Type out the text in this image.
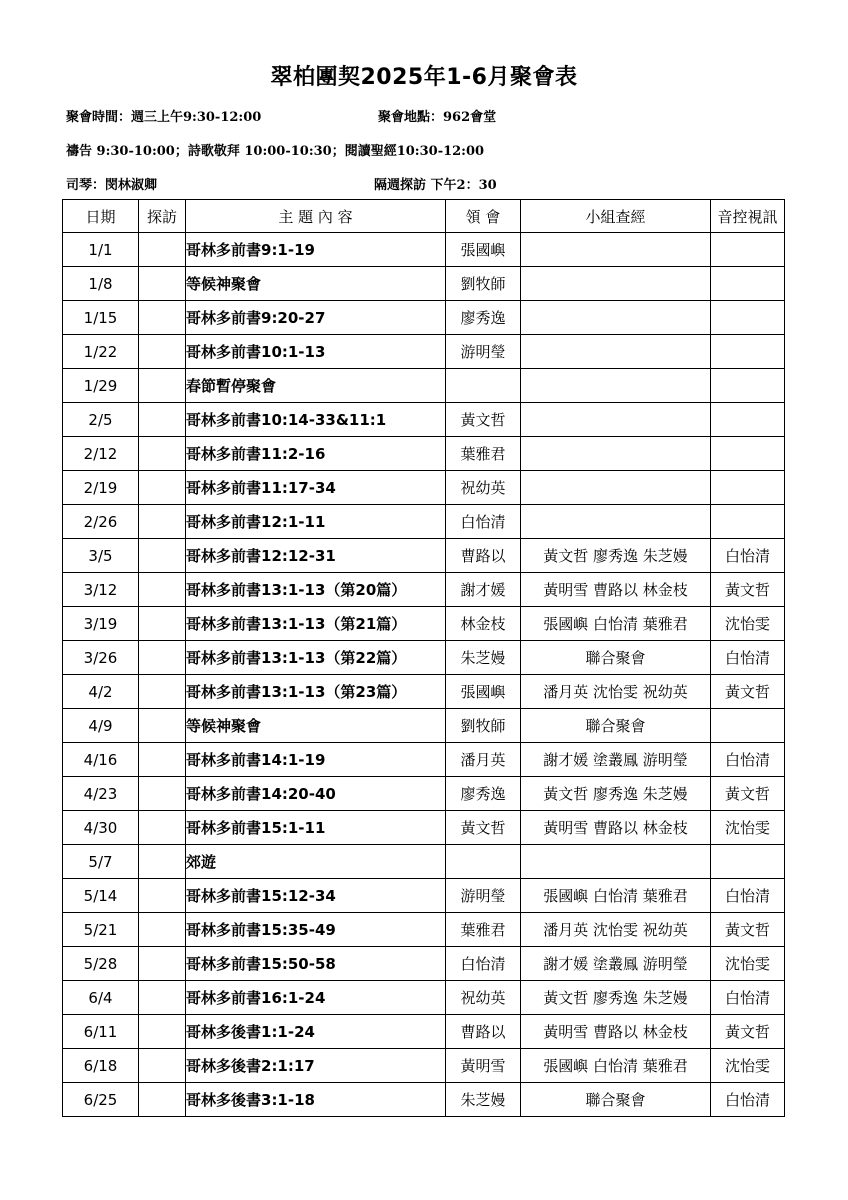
翠柏團契2025年1-6月聚會表
聚會時間：週三上午9:30-12:00	聚會地點：962會堂
禱告 9:30-10:00；詩歌敬拜 10:00-10:30；閱讀聖經10:30-12:00
司琴：閔林淑卿	隔週探訪 下午2：30
日期	探訪	主 題 內 容	領 會	小組查經	音控視訊
1/1		哥林多前書9:1-19	張國嶼		
1/8		等候神聚會	劉牧師		
1/15		哥林多前書9:20-27	廖秀逸		
1/22		哥林多前書10:1-13	游明瑩		
1/29		春節暫停聚會			
2/5		哥林多前書10:14-33&11:1	黃文哲		
2/12		哥林多前書11:2-16	葉雅君		
2/19		哥林多前書11:17-34	祝幼英		
2/26		哥林多前書12:1-11	白怡清		
3/5		哥林多前書12:12-31	曹路以	黃文哲 廖秀逸 朱芝嫚	白怡清
3/12		哥林多前書13:1-13（第20篇）	謝才媛	黃明雪 曹路以 林金枝	黃文哲
3/19		哥林多前書13:1-13（第21篇）	林金枝	張國嶼 白怡清 葉雅君	沈怡雯
3/26		哥林多前書13:1-13（第22篇）	朱芝嫚	聯合聚會	白怡清
4/2		哥林多前書13:1-13（第23篇）	張國嶼	潘月英 沈怡雯 祝幼英	黃文哲
4/9		等候神聚會	劉牧師	聯合聚會	
4/16		哥林多前書14:1-19	潘月英	謝才媛 塗叢鳳 游明瑩	白怡清
4/23		哥林多前書14:20-40	廖秀逸	黃文哲 廖秀逸 朱芝嫚	黃文哲
4/30		哥林多前書15:1-11	黃文哲	黃明雪 曹路以 林金枝	沈怡雯
5/7		郊遊			
5/14		哥林多前書15:12-34	游明瑩	張國嶼 白怡清 葉雅君	白怡清
5/21		哥林多前書15:35-49	葉雅君	潘月英 沈怡雯 祝幼英	黃文哲
5/28		哥林多前書15:50-58	白怡清	謝才媛 塗叢鳳 游明瑩	沈怡雯
6/4		哥林多前書16:1-24	祝幼英	黃文哲 廖秀逸 朱芝嫚	白怡清
6/11		哥林多後書1:1-24	曹路以	黃明雪 曹路以 林金枝	黃文哲
6/18		哥林多後書2:1:17	黃明雪	張國嶼 白怡清 葉雅君	沈怡雯
6/25		哥林多後書3:1-18	朱芝嫚	聯合聚會	白怡清
